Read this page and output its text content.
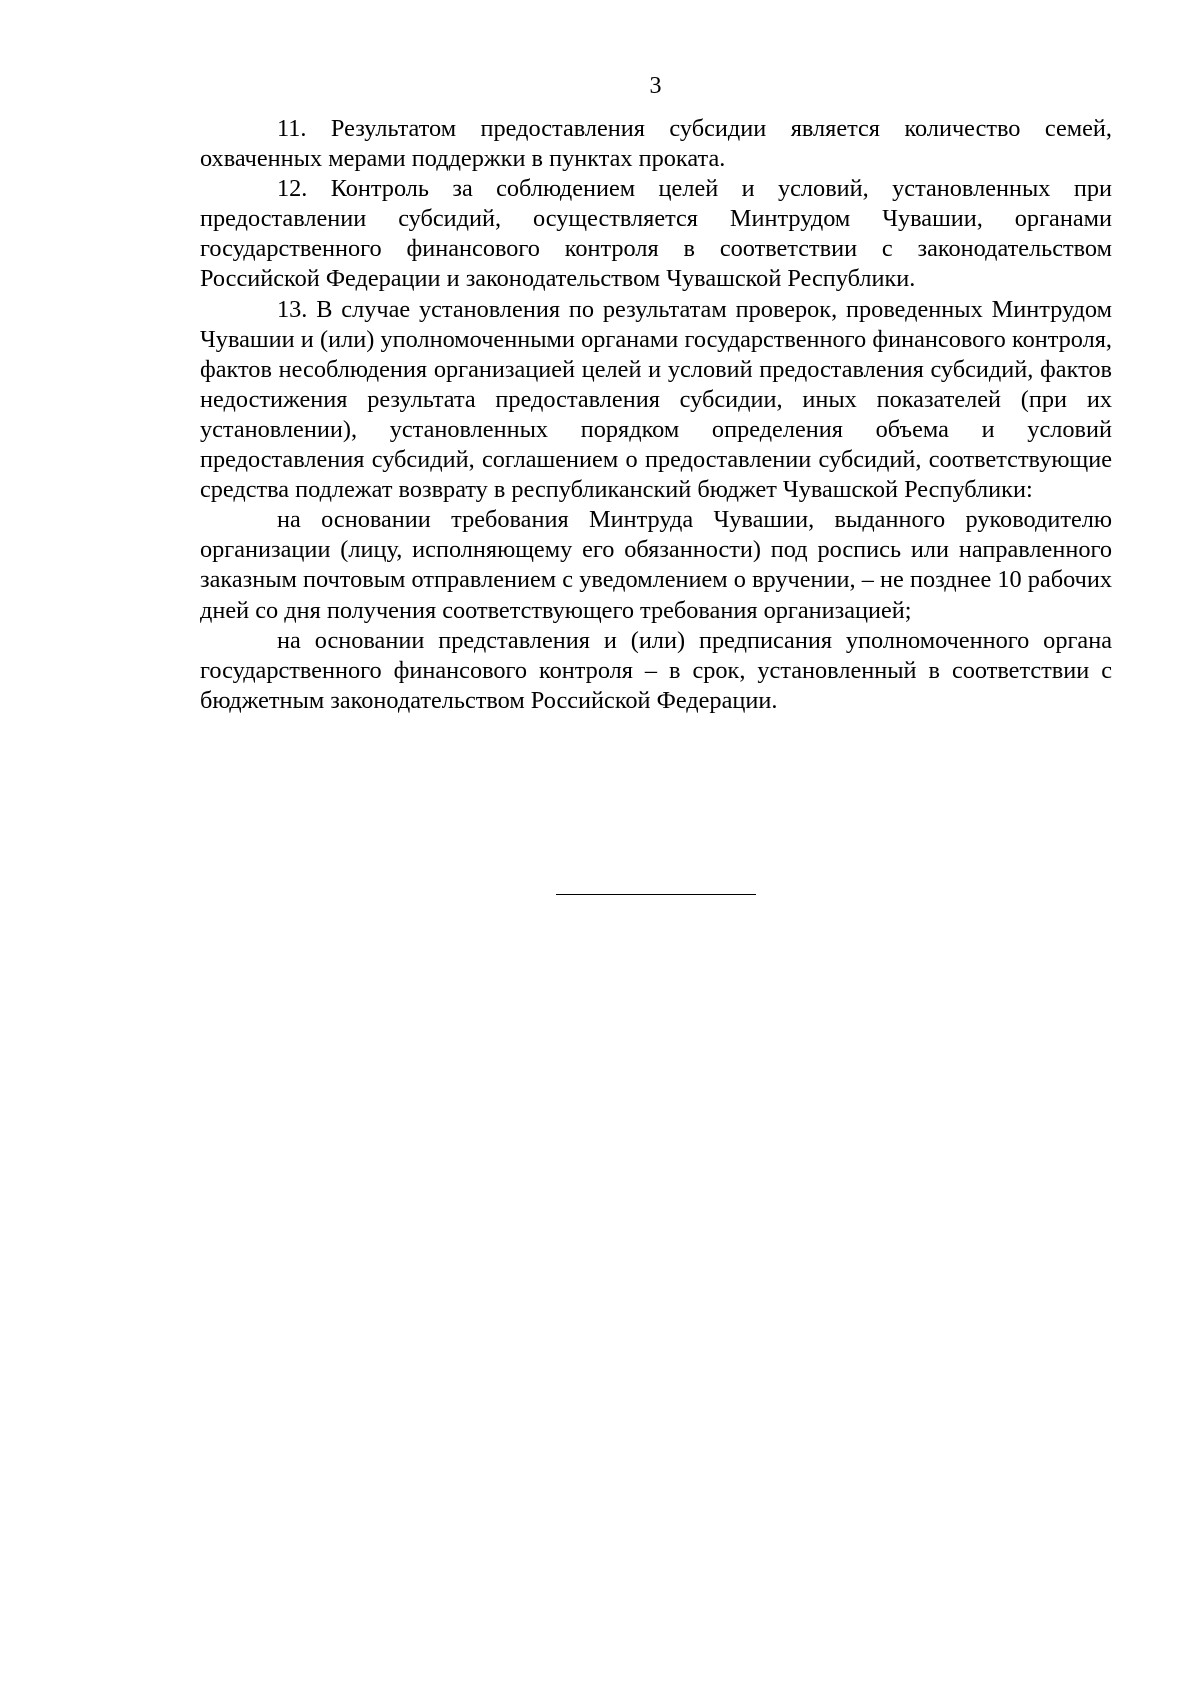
3

11. Результатом предоставления субсидии является количество семей, охваченных мерами поддержки в пунктах проката.

12. Контроль за соблюдением целей и условий, установленных при предоставлении субсидий, осуществляется Минтрудом Чувашии, органами государственного финансового контроля в соответствии с законодательством Российской Федерации и законодательством Чувашской Республики.

13. В случае установления по результатам проверок, проведенных Минтрудом Чувашии и (или) уполномоченными органами государственного финансового контроля, фактов несоблюдения организацией целей и условий предоставления субсидий, фактов недостижения результата предоставления субсидии, иных показателей (при их установлении), установленных порядком определения объема и условий предоставления субсидий, соглашением о предоставлении субсидий, соответствующие средства подлежат возврату в республиканский бюджет Чувашской Республики:

на основании требования Минтруда Чувашии, выданного руководителю организации (лицу, исполняющему его обязанности) под роспись или направленного заказным почтовым отправлением с уведомлением о вручении, – не позднее 10 рабочих дней со дня получения соответствующего требования организацией;

на основании представления и (или) предписания уполномоченного органа государственного финансового контроля – в срок, установленный в соответствии с бюджетным законодательством Российской Федерации.
